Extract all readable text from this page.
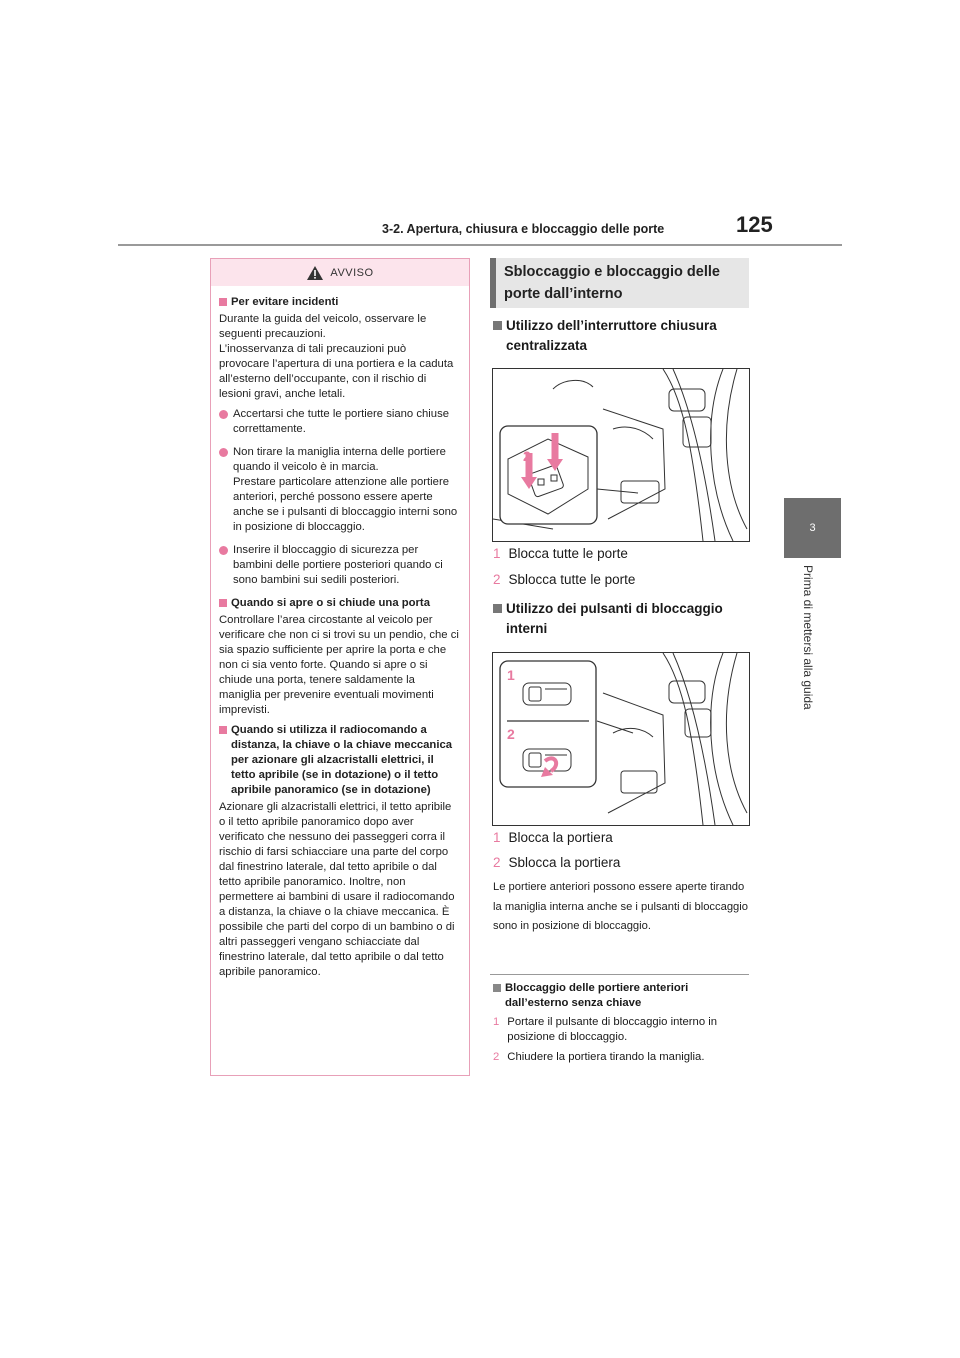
3-2. Apertura, chiusura e bloccaggio delle porte	125
3
Prima di mettersi alla guida
AVVISO
Per evitare incidenti

Durante la guida del veicolo, osservare le seguenti precauzioni.
L’inosservanza di tali precauzioni può provocare l’apertura di una portiera e la caduta all’esterno dell’occupante, con il rischio di lesioni gravi, anche letali.

Accertarsi che tutte le portiere siano chiuse correttamente.
Non tirare la maniglia interna delle portiere quando il veicolo è in marcia.
Prestare particolare attenzione alle portiere anteriori, perché possono essere aperte anche se i pulsanti di bloccaggio interni sono in posizione di bloccaggio.
Inserire il bloccaggio di sicurezza per bambini delle portiere posteriori quando ci sono bambini sui sedili posteriori.
Quando si apre o si chiude una porta

Controllare l’area circostante al veicolo per verificare che non ci si trovi su un pendio, che ci sia spazio sufficiente per aprire la porta e che non ci sia vento forte. Quando si apre o si chiude una porta, tenere saldamente la maniglia per prevenire eventuali movimenti imprevisti.

Quando si utilizza il radiocomando a distanza, la chiave o la chiave meccanica per azionare gli alzacristalli elettrici, il tetto apribile (se in dotazione) o il tetto apribile panoramico (se in dotazione)

Azionare gli alzacristalli elettrici, il tetto apribile o il tetto apribile panoramico dopo aver verificato che nessuno dei passeggeri corra il rischio di farsi schiacciare una parte del corpo dal finestrino laterale, dal tetto apribile o dal tetto apribile panoramico. Inoltre, non permettere ai bambini di usare il radiocomando a distanza, la chiave o la chiave meccanica. È possibile che parti del corpo di un bambino o di altri passeggeri vengano schiacciate dal finestrino laterale, dal tetto apribile o dal tetto apribile panoramico.

Sbloccaggio e bloccaggio delle porte dall’interno
Utilizzo dell’interruttore chiusura centralizzata
1
2
1 Blocca tutte le porte
2 Sblocca tutte le porte
Utilizzo dei pulsanti di bloccaggio interni
1
2
1 Blocca la portiera
2 Sblocca la portiera
Le portiere anteriori possono essere aperte tirando la maniglia interna anche se i pulsanti di bloccaggio sono in posizione di bloccaggio.
Bloccaggio delle portiere anteriori dall’esterno senza chiave
1 Portare il pulsante di bloccaggio interno in posizione di bloccaggio.
2 Chiudere la portiera tirando la maniglia.
